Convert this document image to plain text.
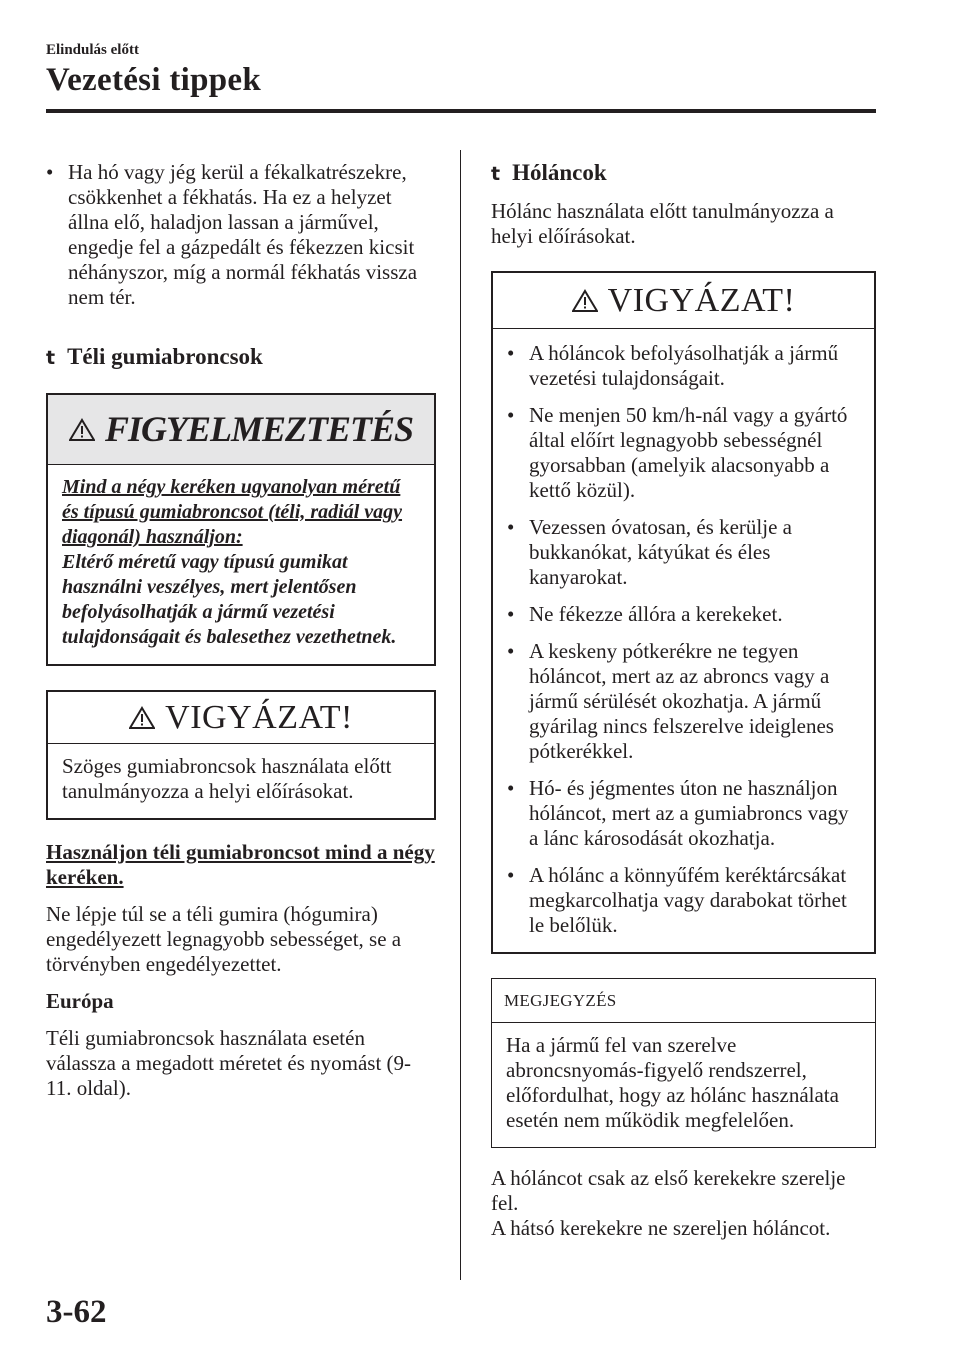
Elindulás előtt
Vezetési tippek
• Ha hó vagy jég kerül a fékalkatrészekre, csökkenhet a fékhatás. Ha ez a helyzet állna elő, haladjon lassan a járművel, engedje fel a gázpedált és fékezzen kicsit néhányszor, míg a normál fékhatás vissza nem tér.
t Téli gumiabroncsok
FIGYELMEZTETÉS
Mind a négy keréken ugyanolyan méretű és típusú gumiabroncsot (téli, radiál vagy diagonál) használjon:
Eltérő méretű vagy típusú gumikat használni veszélyes, mert jelentősen befolyásolhatják a jármű vezetési tulajdonságait és balesethez vezethetnek.
VIGYÁZAT!
Szöges gumiabroncsok használata előtt tanulmányozza a helyi előírásokat.
Használjon téli gumiabroncsot mind a négy keréken.
Ne lépje túl se a téli gumira (hógumira) engedélyezett legnagyobb sebességet, se a törvényben engedélyezettet.
Európa
Téli gumiabroncsok használata esetén válassza a megadott méretet és nyomást (9-11. oldal).
t Hóláncok
Hólánc használata előtt tanulmányozza a helyi előírásokat.
VIGYÁZAT!
• A hóláncok befolyásolhatják a jármű vezetési tulajdonságait.
• Ne menjen 50 km/h-nál vagy a gyártó által előírt legnagyobb sebességnél gyorsabban (amelyik alacsonyabb a kettő közül).
• Vezessen óvatosan, és kerülje a bukkanókat, kátyúkat és éles kanyarokat.
• Ne fékezze állóra a kerekeket.
• A keskeny pótkerékre ne tegyen hóláncot, mert az az abroncs vagy a jármű sérülését okozhatja. A jármű gyárilag nincs felszerelve ideiglenes pótkerékkel.
• Hó- és jégmentes úton ne használjon hóláncot, mert az a gumiabroncs vagy a lánc károsodását okozhatja.
• A hólánc a könnyűfém keréktárcsákat megkarcolhatja vagy darabokat törhet le belőlük.
MEGJEGYZÉS
Ha a jármű fel van szerelve abroncsnyomás-figyelő rendszerrel, előfordulhat, hogy az hólánc használata esetén nem működik megfelelően.
A hóláncot csak az első kerekekre szerelje fel.
A hátsó kerekekre ne szereljen hóláncot.
3-62
